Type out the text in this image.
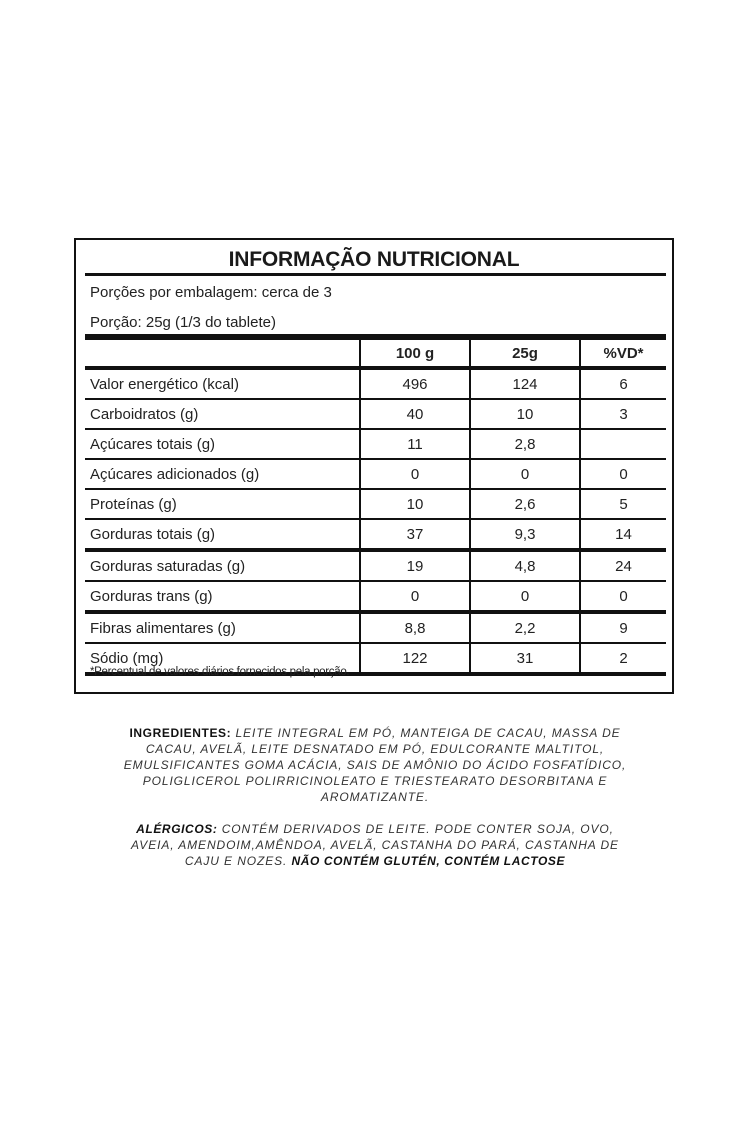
INFORMAÇÃO NUTRICIONAL
Porções por embalagem: cerca de 3
Porção: 25g (1/3 do tablete)
	100 g	25g	%VD*
Valor energético (kcal)	496	124	6
Carboidratos (g)	40	10	3
Açúcares totais (g)	11	2,8	
Açúcares adicionados (g)	0	0	0
Proteínas (g)	10	2,6	5
Gorduras totais (g)	37	9,3	14
Gorduras saturadas (g)	19	4,8	24
Gorduras trans (g)	0	0	0
Fibras alimentares (g)	8,8	2,2	9
Sódio (mg)	122	31	2
*Percentual de valores diários fornecidos pela porção.
INGREDIENTES: LEITE INTEGRAL EM PÓ, MANTEIGA DE CACAU, MASSA DE CACAU, AVELÃ, LEITE DESNATADO EM PÓ, EDULCORANTE MALTITOL, EMULSIFICANTES GOMA ACÁCIA, SAIS DE AMÔNIO DO ÁCIDO FOSFATÍDICO, POLIGLICEROL POLIRRICINOLEATO E TRIESTEARATO DESORBITANA E AROMATIZANTE.
ALÉRGICOS: CONTÉM DERIVADOS DE LEITE. PODE CONTER SOJA, OVO, AVEIA, AMENDOIM,AMÊNDOA, AVELÃ, CASTANHA DO PARÁ, CASTANHA DE CAJU E NOZES. NÃO CONTÉM GLUTÉN, CONTÉM LACTOSE
